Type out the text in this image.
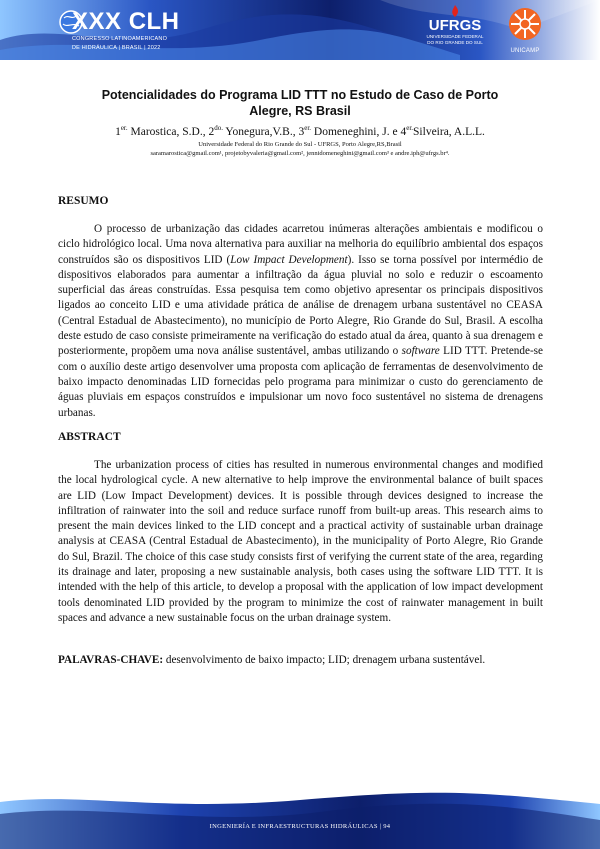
XXX CLH
CONGRESSO LATINOAMERICANO
DE HIDRÁULICA | BRASIL | 2022
UFRGS
UNIVERSIDADE FEDERAL
DO RIO GRANDE DO SUL
UNICAMP
Potencialidades do Programa LID TTT no Estudo de Caso de Porto
Alegre, RS Brasil
$1^{er.}$ Marostica, S.D., $2^{do.}$ Yonegura,V.B., $3^{er.}$ Domeneghini, J. e $4^{er.}Silveira$, A.L.L.
Universidade Federal do Rio Grande do Sul - UFRGS, Porto Alegre,RS,Brasil
saramarostica@gmail.com¹, projetobyvaleria@gmail.com², jennidomeneghini@gmail.com³ e andre.iph@ufrgs.br⁴.
RESUMO

O processo de urbanização das cidades acarretou inúmeras alterações ambientais e modificou o ciclo hidrológico local. Uma nova alternativa para auxiliar na melhoria do equilíbrio ambiental dos espaços construídos são os dispositivos LID (Low Impact Development). Isso se torna possível por intermédio de dispositivos elaborados para aumentar a infiltração da água pluvial no solo e reduzir o escoamento superficial das áreas construídas. Essa pesquisa tem como objetivo apresentar os principais dispositivos ligados ao conceito LID e uma atividade prática de análise de drenagem urbana sustentável no CEASA (Central Estadual de Abastecimento), no município de Porto Alegre, Rio Grande do Sul, Brasil. A escolha deste estudo de caso consiste primeiramente na verificação do estado atual da área, quanto à sua drenagem e posteriormente, propõem uma nova análise sustentável, ambas utilizando o software LID TTT. Pretende-se com o auxílio deste artigo desenvolver uma proposta com aplicação de ferramentas de desenvolvimento de baixo impacto denominadas LID fornecidas pelo programa para minimizar o custo do gerenciamento de águas pluviais em espaços construídos e impulsionar um novo foco sustentável no sistema de drenagens urbanas.

ABSTRACT

The urbanization process of cities has resulted in numerous environmental changes and modified the local hydrological cycle. A new alternative to help improve the environmental balance of built spaces are LID (Low Impact Development) devices. It is possible through devices designed to increase the infiltration of rainwater into the soil and reduce surface runoff from built-up areas. This research aims to present the main devices linked to the LID concept and a practical activity of sustainable urban drainage analysis at CEASA (Central Estadual de Abastecimento), in the municipality of Porto Alegre, Rio Grande do Sul, Brazil. The choice of this case study consists first of verifying the current state of the area, regarding its drainage and later, proposing a new sustainable analysis, both cases using the software LID TTT. It is intended with the help of this article, to develop a proposal with the application of low impact development tools denominated LID provided by the program to minimize the cost of rainwater management in built spaces and advance a new sustainable focus on the urban drainage system.

PALAVRAS-CHAVE: desenvolvimento de baixo impacto; LID; drenagem urbana sustentável.
INGENIERÍA E INFRAESTRUCTURAS HIDRÁULICAS | 94
